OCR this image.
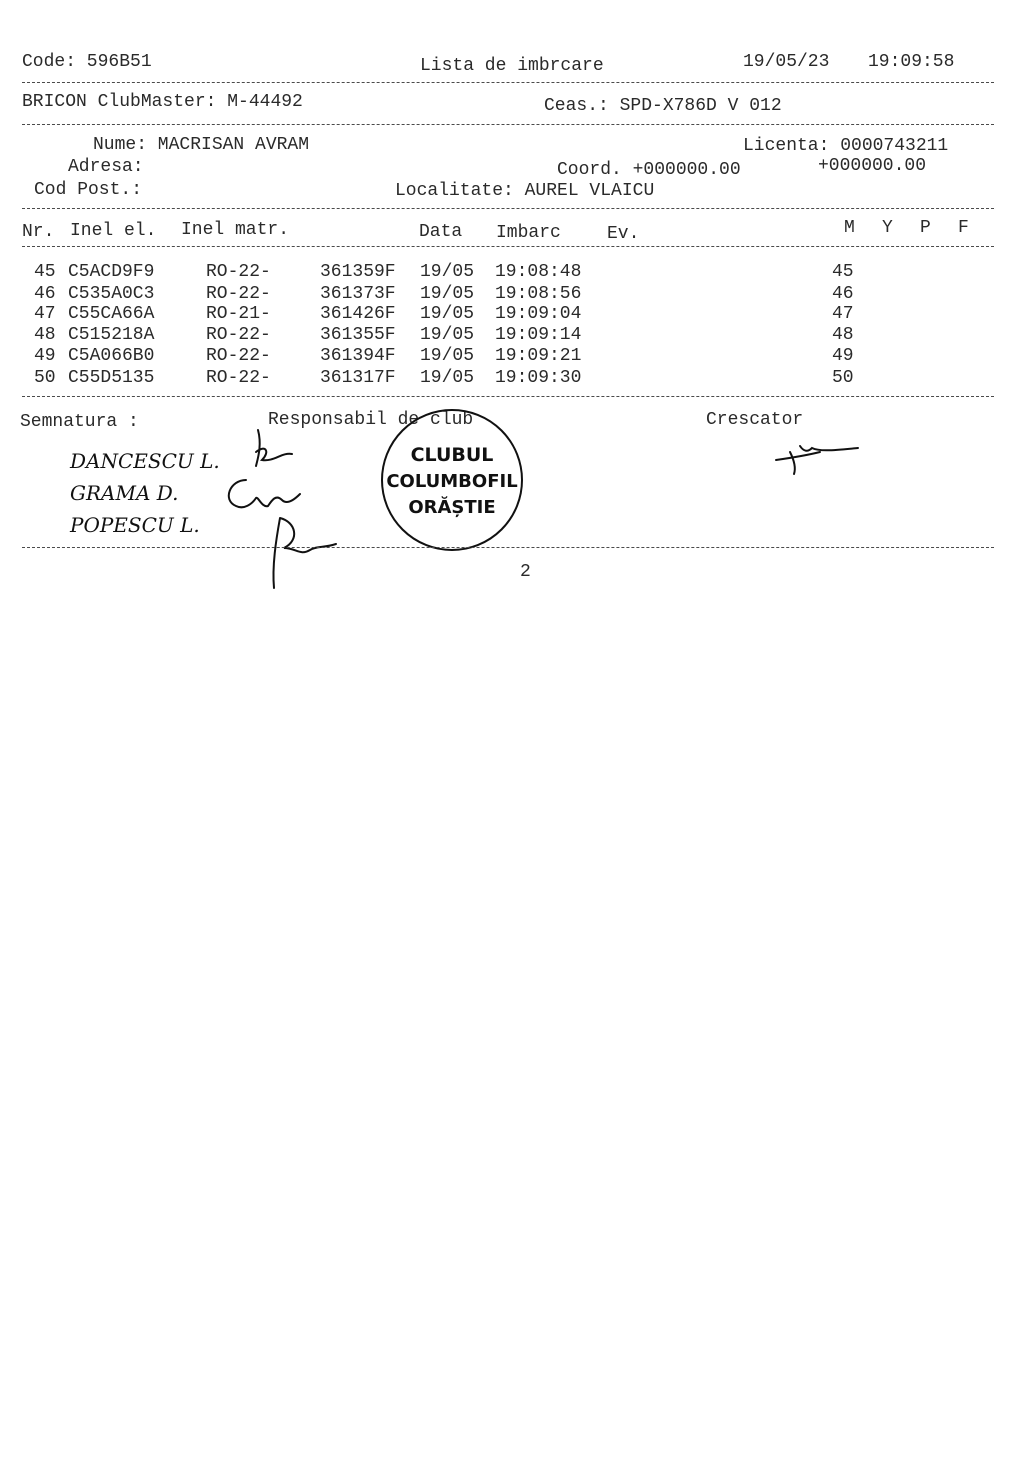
Code: 596B51	Lista de imbrcare	19/05/23 19:09:58
BRICON ClubMaster: M-44492	Ceas.: SPD-X786D V 012
Nume: MACRISAN AVRAM	Licenta: 0000743211
Adresa:	Coord. +000000.00	+000000.00
Cod Post.:	Localitate: AUREL VLAICU
Nr. Inel el. Inel matr.	Data Imbarc	Ev.	M Y P F
45 C5ACD9F9	RO-22-	361359F 19/05 19:08:48	45
46 C535A0C3	RO-22-	361373F 19/05 19:08:56	46
47 C55CA66A	RO-21-	361426F 19/05 19:09:04	47
48 C515218A	RO-22-	361355F 19/05 19:09:14	48
49 C5A066B0	RO-22-	361394F 19/05 19:09:21	49
50 C55D5135	RO-22-	361317F 19/05 19:09:30	50
Semnatura :	Responsabil de club	Crescator
CLUBUL
COLUMBOFIL
ORĂȘTIE
DANCESCU L.
GRAMA D.
POPESCU L.
2
